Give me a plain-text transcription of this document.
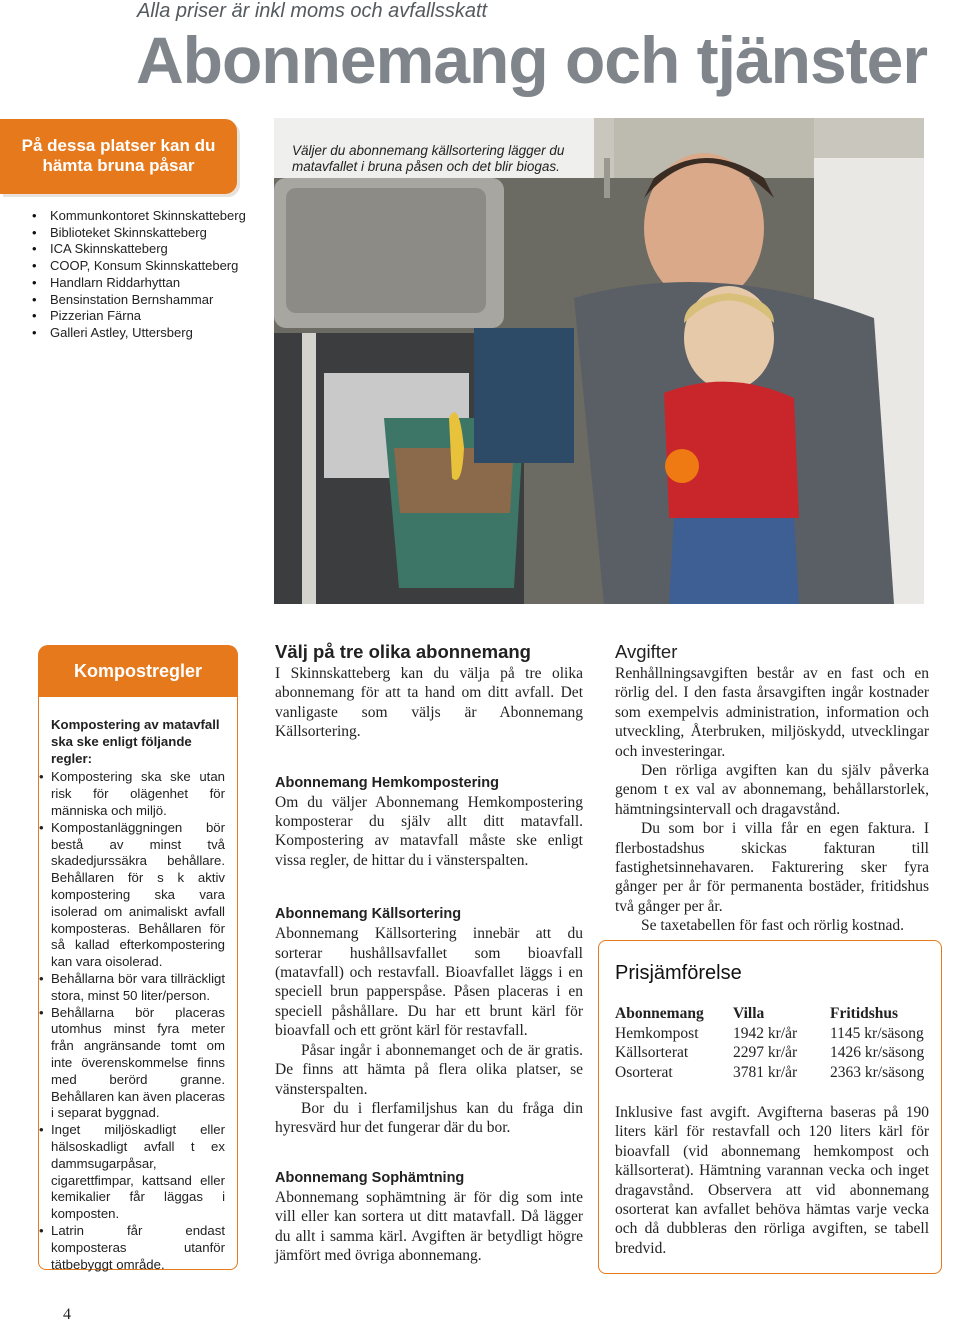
Alla priser är inkl moms och avfallsskatt
Abonnemang och tjänster
På dessa platser kan du
hämta bruna påsar
• Kommunkontoret Skinnskatteberg
• Biblioteket Skinnskatteberg
• ICA Skinnskatteberg
• COOP, Konsum Skinnskatteberg
• Handlarn Riddarhyttan
• Bensinstation Bernshammar
• Pizzerian Färna
• Galleri Astley, Uttersberg
Väljer du abonnemang källsortering lägger du matavfallet i bruna påsen och det blir biogas.
Kompostregler

Kompostering av matavfall ska ske enligt följande regler:

• Kompostering ska ske utan risk för olägenhet för människa och miljö.
• Kompostanläggningen bör bestå av minst två skadedjurssäkra behållare. Behållaren för s k aktiv kompostering ska vara isolerad om animaliskt avfall komposteras. Behållaren för så kallad efterkompostering kan vara oisolerad.
• Behållarna bör vara tillräckligt stora, minst 50 liter/person.
• Behållarna bör placeras utomhus minst fyra meter från angränsande tomt om inte överenskommelse finns med berörd granne. Behållaren kan även placeras i separat byggnad.
• Inget miljöskadligt eller hälsoskadligt avfall t ex dammsugarpåsar, cigarettfimpar, kattsand eller kemikalier får läggas i komposten.
• Latrin får endast komposteras utanför tätbebyggt område.
Välj på tre olika abonnemang

I Skinnskatteberg kan du välja på tre olika abonnemang för att ta hand om ditt avfall. Det vanligaste som väljs är Abonnemang Källsortering.

Abonnemang Hemkompostering

Om du väljer Abonnemang Hemkompostering komposterar du själv allt ditt matavfall. Kompostering av matavfall måste ske enligt vissa regler, de hittar du i vänsterspalten.

Abonnemang Källsortering

Abonnemang Källsortering innebär att du sorterar hushållsavfallet som bioavfall (matavfall) och restavfall. Bioavfallet läggs i en speciell brun papperspåse. Påsen placeras i en speciell påshållare. Du har ett brunt kärl för bioavfall och ett grönt kärl för restavfall.

Påsar ingår i abonnemanget och de är gratis. De finns att hämta på flera olika platser, se vänsterspalten.

Bor du i flerfamiljshus kan du fråga din hyresvärd hur det fungerar där du bor.

Abonnemang Sophämtning

Abonnemang sophämtning är för dig som inte vill eller kan sortera ut ditt matavfall. Då lägger du allt i samma kärl. Avgiften är betydligt högre jämfört med övriga abonnemang.

Avgifter

Renhållningsavgiften består av en fast och en rörlig del. I den fasta årsavgiften ingår kostnader som exempelvis administration, information och utveckling, Återbruken, miljöskydd, utvecklingar och investeringar.

Den rörliga avgiften kan du själv påverka genom t ex val av abonnemang, behållarstorlek, hämtningsintervall och dragavstånd.

Du som bor i villa får en egen faktura. I flerbostadshus skickas fakturan till fastighetsinnehavaren. Fakturering sker fyra gånger per år för permanenta bostäder, fritidshus två gånger per år.

Se taxetabellen för fast och rörlig kostnad.

Prisjämförelse
Abonnemang	Villa	Fritidshus
Hemkompost	1942 kr/år	1145 kr/säsong
Källsorterat	2297 kr/år	1426 kr/säsong
Osorterat	3781 kr/år	2363 kr/säsong

Inklusive fast avgift. Avgifterna baseras på 190 liters kärl för restavfall och 120 liters kärl för bioavfall (vid abonnemang hemkompost och källsorterat). Hämtning varannan vecka och inget dragavstånd. Observera att vid abonnemang osorterat kan avfallet behöva hämtas varje vecka och då dubbleras den rörliga avgiften, se tabell bredvid.

4
